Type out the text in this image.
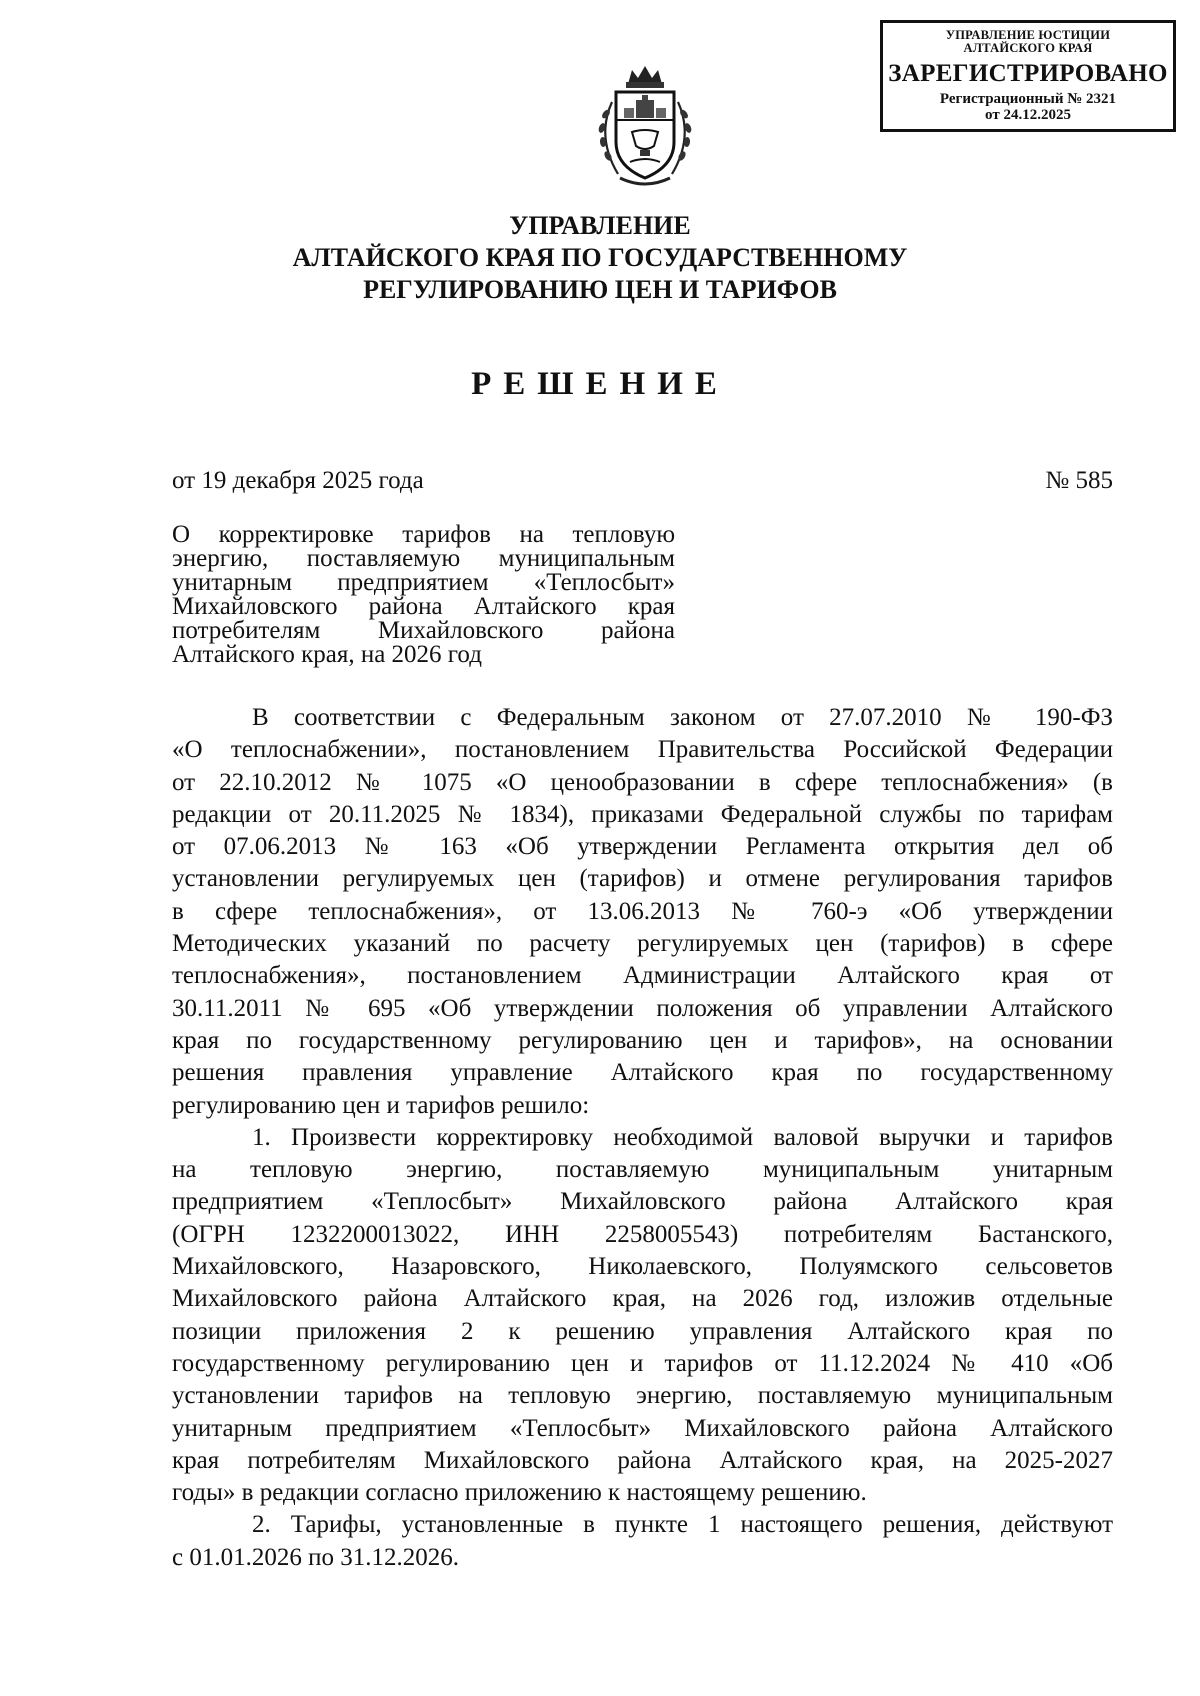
УПРАВЛЕНИЕ ЮСТИЦИИ
АЛТАЙСКОГО КРАЯ
ЗАРЕГИСТРИРОВАНО
Регистрационный № 2321
от 24.12.2025
УПРАВЛЕНИЕ
АЛТАЙСКОГО КРАЯ ПО ГОСУДАРСТВЕННОМУ
РЕГУЛИРОВАНИЮ ЦЕН И ТАРИФОВ
РЕШЕНИЕ
от 19 декабря 2025 года	№ 585
О корректировке тарифов на тепловую
энергию, поставляемую муниципальным
унитарным предприятием «Теплосбыт»
Михайловского района Алтайского края
потребителям Михайловского района
Алтайского края, на 2026 год
В соответствии с Федеральным законом от 27.07.2010 № 190-ФЗ
«О теплоснабжении», постановлением Правительства Российской Федерации
от 22.10.2012 № 1075 «О ценообразовании в сфере теплоснабжения» (в
редакции от 20.11.2025 № 1834), приказами Федеральной службы по тарифам
от 07.06.2013 № 163 «Об утверждении Регламента открытия дел об
установлении регулируемых цен (тарифов) и отмене регулирования тарифов
в сфере теплоснабжения», от 13.06.2013 № 760-э «Об утверждении
Методических указаний по расчету регулируемых цен (тарифов) в сфере
теплоснабжения», постановлением Администрации Алтайского края от
30.11.2011 № 695 «Об утверждении положения об управлении Алтайского
края по государственному регулированию цен и тарифов», на основании
решения правления управление Алтайского края по государственному
регулированию цен и тарифов решило:
1. Произвести корректировку необходимой валовой выручки и тарифов
на тепловую энергию, поставляемую муниципальным унитарным
предприятием «Теплосбыт» Михайловского района Алтайского края
(ОГРН 1232200013022, ИНН 2258005543) потребителям Бастанского,
Михайловского, Назаровского, Николаевского, Полуямского сельсоветов
Михайловского района Алтайского края, на 2026 год, изложив отдельные
позиции приложения 2 к решению управления Алтайского края по
государственному регулированию цен и тарифов от 11.12.2024 № 410 «Об
установлении тарифов на тепловую энергию, поставляемую муниципальным
унитарным предприятием «Теплосбыт» Михайловского района Алтайского
края потребителям Михайловского района Алтайского края, на 2025-2027
годы» в редакции согласно приложению к настоящему решению.
2. Тарифы, установленные в пункте 1 настоящего решения, действуют
с 01.01.2026 по 31.12.2026.
